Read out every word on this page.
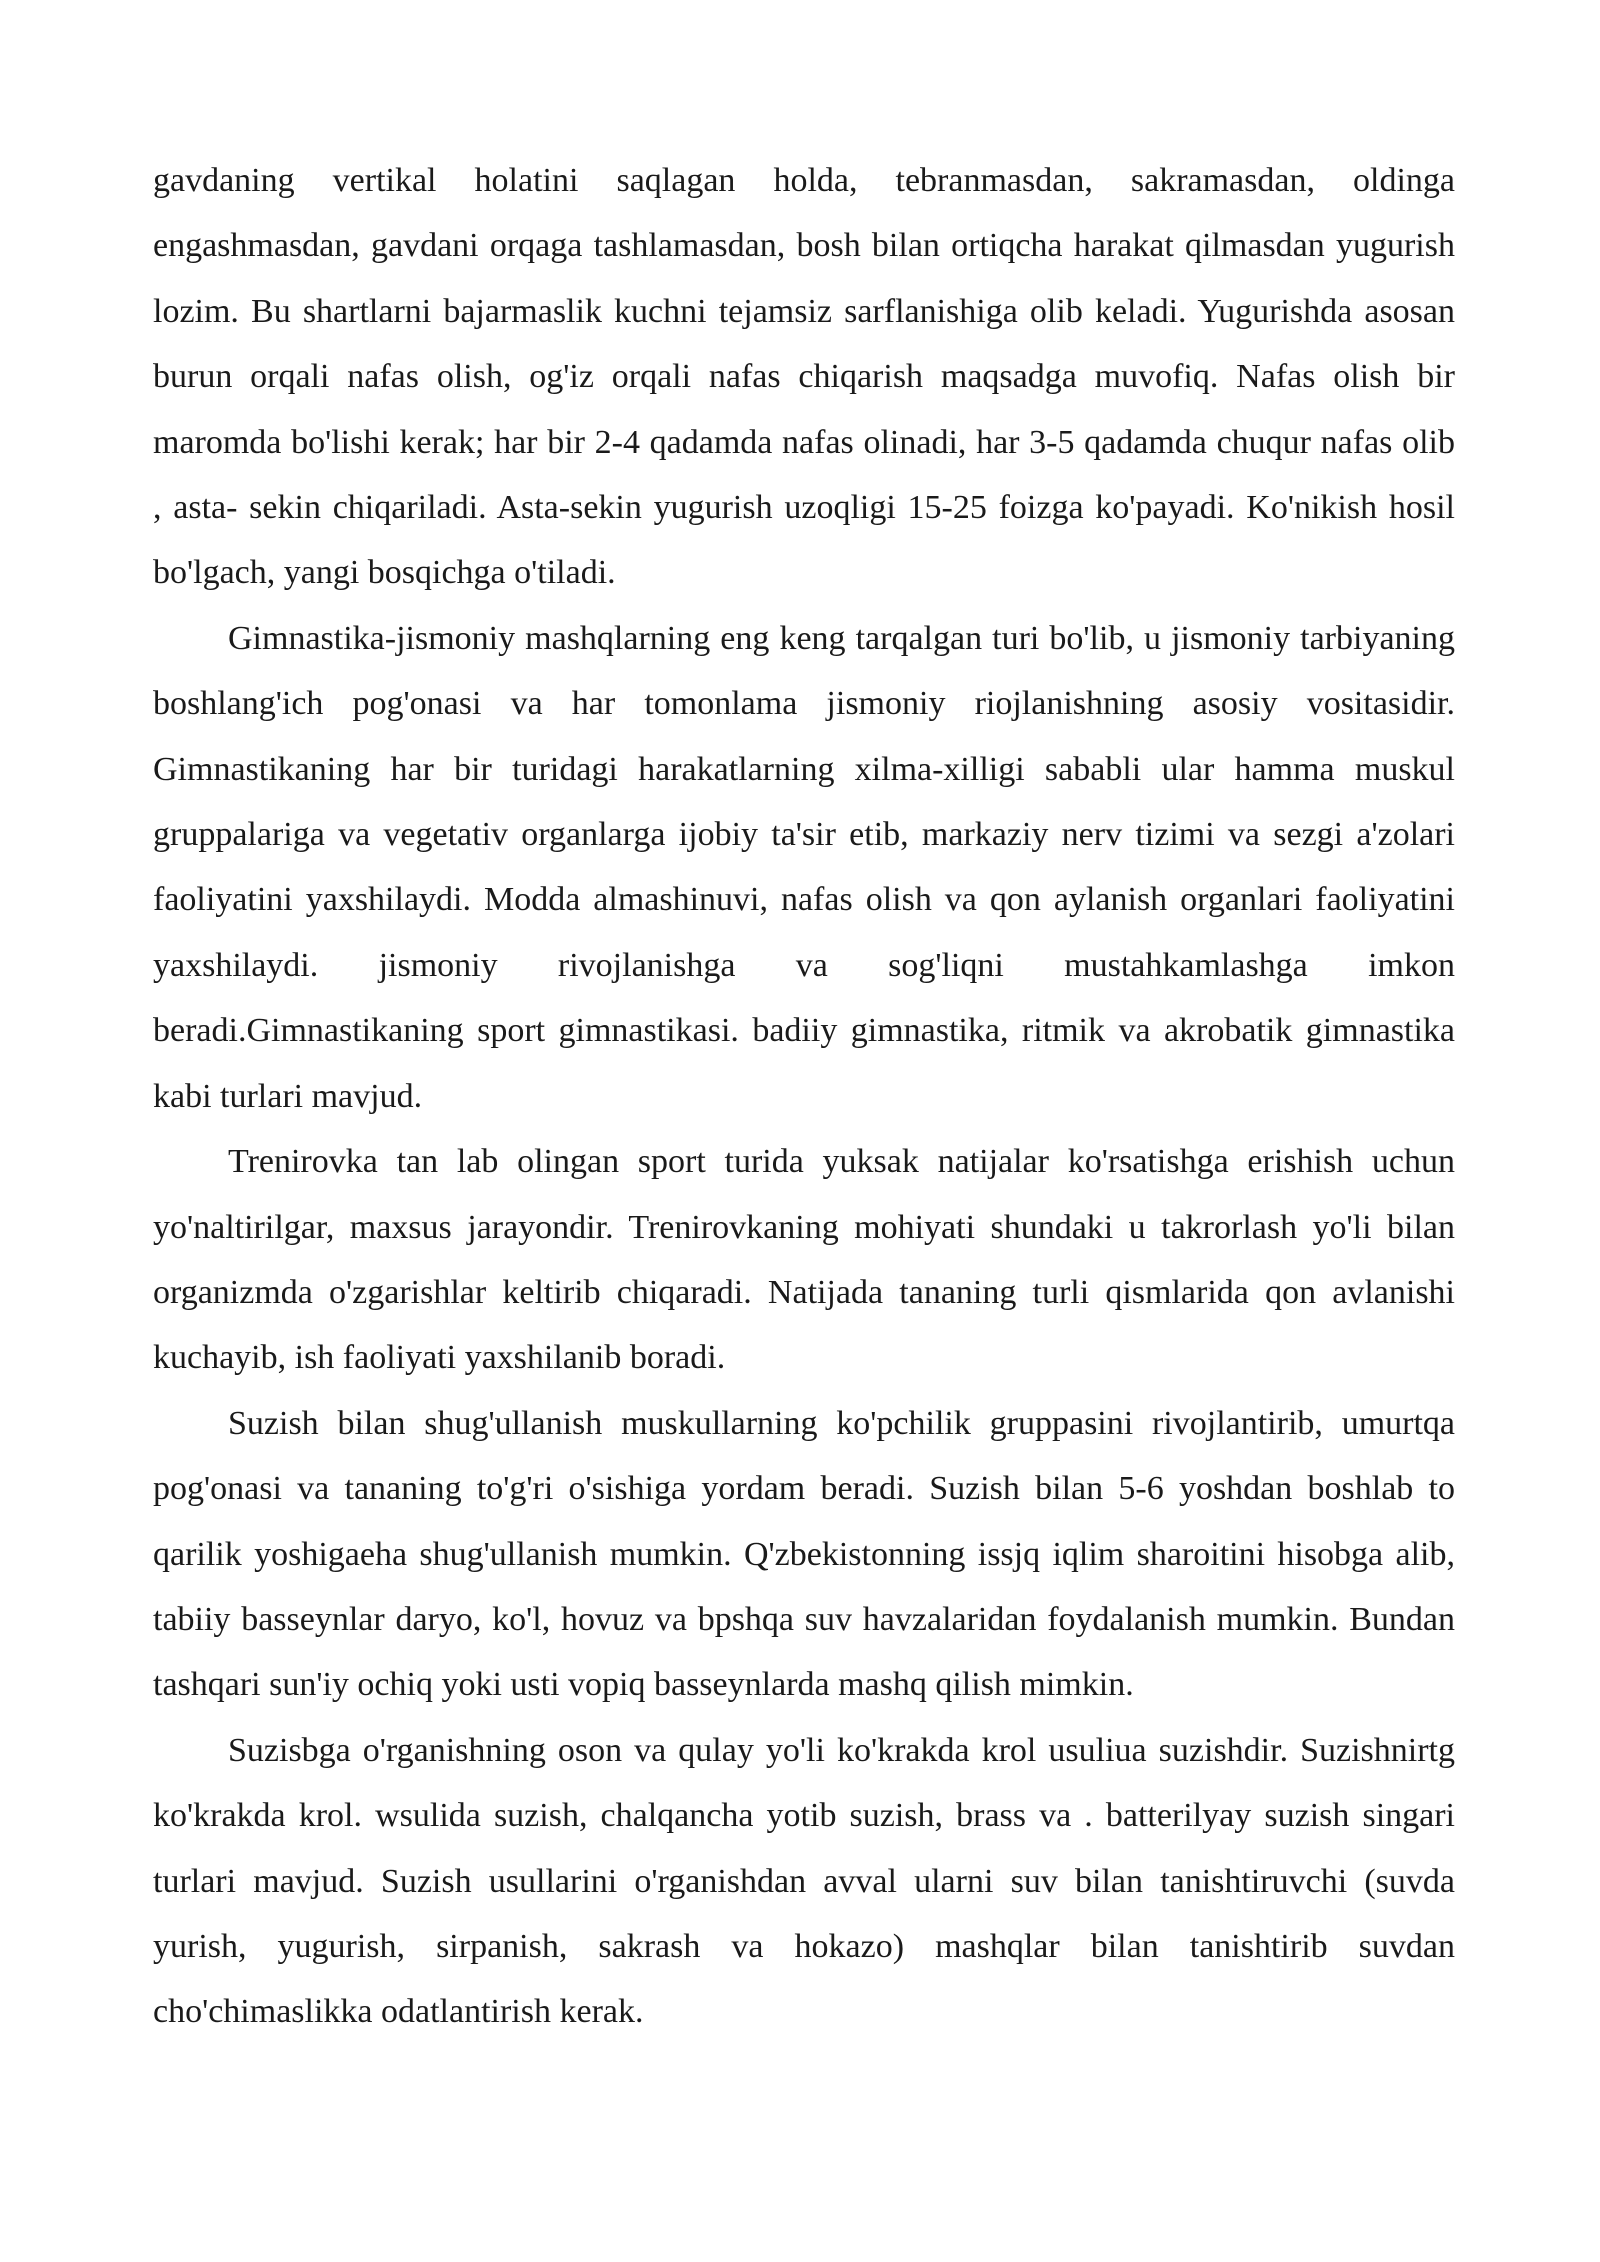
gavdaning vertikal holatini saqlagan holda, tebranmasdan, sakramasdan, oldinga engashmasdan, gavdani orqaga tashlamasdan, bosh bilan ortiqcha harakat qilmasdan yugurish lozim. Bu shartlarni bajarmaslik kuchni tejamsiz sarflanishiga olib keladi. Yugurishda asosan burun orqali nafas olish, og'iz orqali nafas chiqarish maqsadga muvofiq. Nafas olish bir maromda bo'lishi kerak; har bir 2-4 qadamda nafas olinadi, har 3-5 qadamda chuqur nafas olib , asta- sekin chiqariladi. Asta-sekin yugurish uzoqligi 15-25 foizga ko'payadi. Ko'nikish hosil bo'lgach, yangi bosqichga o'tiladi.

Gimnastika-jismoniy mashqlarning eng keng tarqalgan turi bo'lib, u jismoniy tarbiyaning boshlang'ich pog'onasi va har tomonlama jismoniy riojlanishning asosiy vositasidir. Gimnastikaning har bir turidagi harakatlarning xilma-xilligi sababli ular hamma muskul gruppalariga va vegetativ organlarga ijobiy ta'sir etib, markaziy nerv tizimi va sezgi a'zolari faoliyatini yaxshilaydi. Modda almashinuvi, nafas olish va qon aylanish organlari faoliyatini yaxshilaydi. jismoniy rivojlanishga va sog'liqni mustahkamlashga imkon beradi.Gimnastikaning sport gimnastikasi. badiiy gimnastika, ritmik va akrobatik gimnastika kabi turlari mavjud.

Trenirovka tan lab olingan sport turida yuksak natijalar ko'rsatishga erishish uchun yo'naltirilgar, maxsus jarayondir. Trenirovkaning mohiyati shundaki u takrorlash yo'li bilan organizmda o'zgarishlar keltirib chiqaradi. Natijada tananing turli qismlarida qon avlanishi kuchayib, ish faoliyati yaxshilanib boradi.

Suzish bilan shug'ullanish muskullarning ko'pchilik gruppasini rivojlantirib, umurtqa pog'onasi va tananing to'g'ri o'sishiga yordam beradi. Suzish bilan 5-6 yoshdan boshlab to qarilik yoshigaeha shug'ullanish mumkin. Q'zbekistonning issjq iqlim sharoitini hisobga alib, tabiiy basseynlar daryo, ko'l, hovuz va bpshqa suv havzalaridan foydalanish mumkin. Bundan tashqari sun'iy ochiq yoki usti vopiq basseynlarda mashq qilish mimkin.

Suzisbga o'rganishning oson va qulay yo'li ko'krakda krol usuliua suzishdir. Suzishnirtg ko'krakda krol. wsulida suzish, chalqancha yotib suzish, brass va . batterilyay suzish singari turlari mavjud. Suzish usullarini o'rganishdan avval ularni suv bilan tanishtiruvchi (suvda yurish, yugurish, sirpanish, sakrash va hokazo) mashqlar bilan tanishtirib suvdan cho'chimaslikka odatlantirish kerak.
